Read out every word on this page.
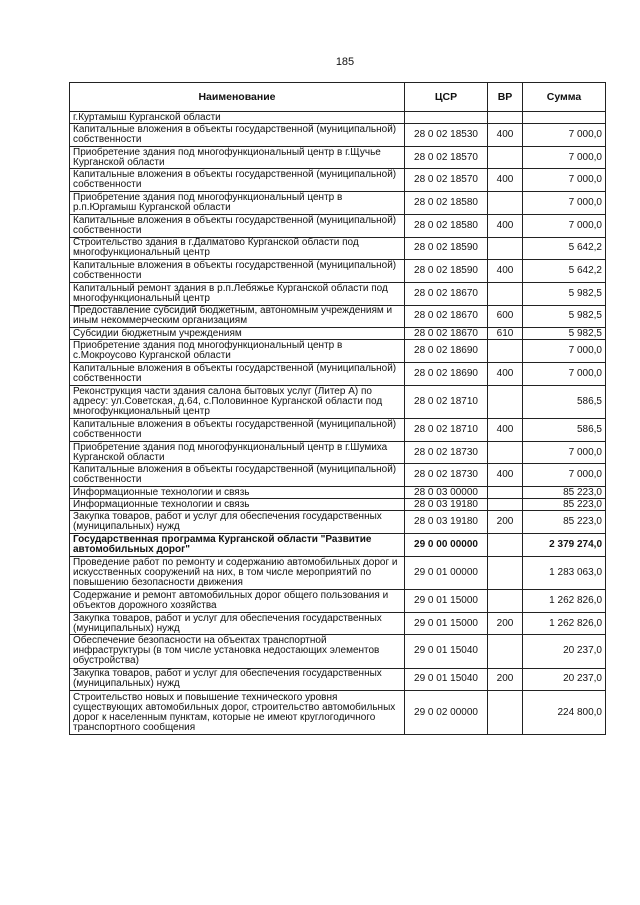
185
Наименование	ЦСР	ВР	Сумма
г.Куртамыш Курганской области			
Капитальные вложения в объекты государственной (муниципальной) собственности	28 0 02 18530	400	7 000,0
Приобретение здания под многофункциональный центр в г.Щучье Курганской области	28 0 02 18570		7 000,0
Капитальные вложения в объекты государственной (муниципальной) собственности	28 0 02 18570	400	7 000,0
Приобретение здания под многофункциональный центр в р.п.Юргамыш Курганской области	28 0 02 18580		7 000,0
Капитальные вложения в объекты государственной (муниципальной) собственности	28 0 02 18580	400	7 000,0
Строительство здания в г.Далматово Курганской области под многофункциональный центр	28 0 02 18590		5 642,2
Капитальные вложения в объекты государственной (муниципальной) собственности	28 0 02 18590	400	5 642,2
Капитальный ремонт здания в р.п.Лебяжье Курганской области под многофункциональный центр	28 0 02 18670		5 982,5
Предоставление субсидий бюджетным, автономным учреждениям и иным некоммерческим организациям	28 0 02 18670	600	5 982,5
Субсидии бюджетным учреждениям	28 0 02 18670	610	5 982,5
Приобретение здания под многофункциональный центр в с.Мокроусово Курганской области	28 0 02 18690		7 000,0
Капитальные вложения в объекты государственной (муниципальной) собственности	28 0 02 18690	400	7 000,0
Реконструкция части здания салона бытовых услуг (Литер А) по адресу: ул.Советская, д.64, с.Половинное Курганской области под многофункциональный центр	28 0 02 18710		586,5
Капитальные вложения в объекты государственной (муниципальной) собственности	28 0 02 18710	400	586,5
Приобретение здания под многофункциональный центр в г.Шумиха Курганской области	28 0 02 18730		7 000,0
Капитальные вложения в объекты государственной (муниципальной) собственности	28 0 02 18730	400	7 000,0
Информационные технологии и связь	28 0 03 00000		85 223,0
Информационные технологии и связь	28 0 03 19180		85 223,0
Закупка товаров, работ и услуг для обеспечения государственных (муниципальных) нужд	28 0 03 19180	200	85 223,0
Государственная программа Курганской области "Развитие автомобильных дорог"	29 0 00 00000		2 379 274,0
Проведение работ по ремонту и содержанию автомобильных дорог и искусственных сооружений на них, в том числе мероприятий по повышению безопасности движения	29 0 01 00000		1 283 063,0
Содержание и ремонт автомобильных дорог общего пользования и объектов дорожного хозяйства	29 0 01 15000		1 262 826,0
Закупка товаров, работ и услуг для обеспечения государственных (муниципальных) нужд	29 0 01 15000	200	1 262 826,0
Обеспечение безопасности на объектах транспортной инфраструктуры (в том числе установка недостающих элементов обустройства)	29 0 01 15040		20 237,0
Закупка товаров, работ и услуг для обеспечения государственных (муниципальных) нужд	29 0 01 15040	200	20 237,0
Строительство новых и повышение технического уровня существующих автомобильных дорог, строительство автомобильных дорог к населенным пунктам, которые не имеют круглогодичного транспортного сообщения	29 0 02 00000		224 800,0
